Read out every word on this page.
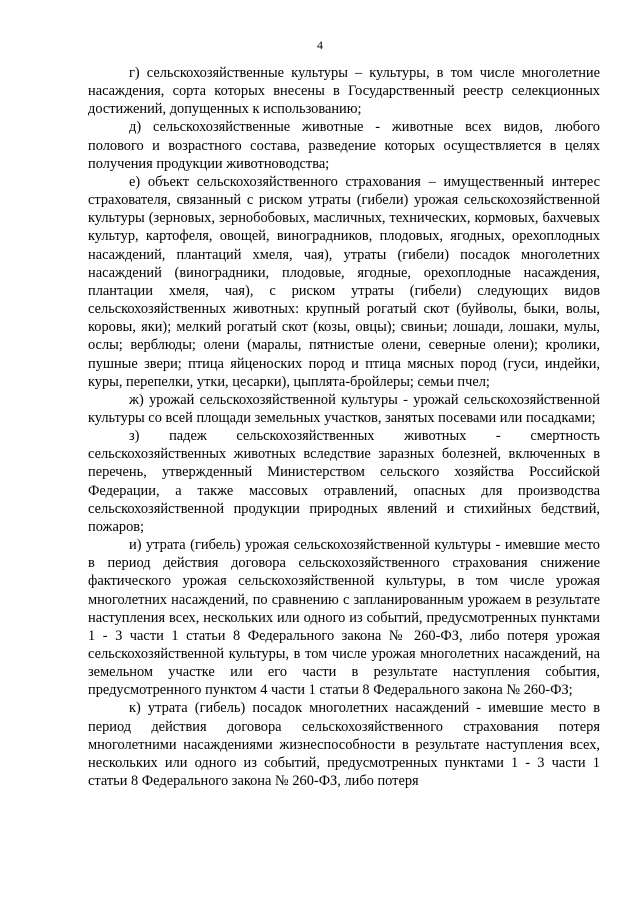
4

г) сельскохозяйственные культуры – культуры, в том числе многолетние насаждения, сорта которых внесены в Государственный реестр селекционных достижений, допущенных к использованию;

д) сельскохозяйственные животные - животные всех видов, любого полового и возрастного состава, разведение которых осуществляется в целях получения продукции животноводства;

е) объект сельскохозяйственного страхования – имущественный интерес страхователя, связанный с риском утраты (гибели) урожая сельскохозяйственной культуры (зерновых, зернобобовых, масличных, технических, кормовых, бахчевых культур, картофеля, овощей, виноградников, плодовых, ягодных, орехоплодных насаждений, плантаций хмеля, чая), утраты (гибели) посадок многолетних насаждений (виноградники, плодовые, ягодные, орехоплодные насаждения, плантации хмеля, чая), с риском утраты (гибели) следующих видов сельскохозяйственных животных: крупный рогатый скот (буйволы, быки, волы, коровы, яки); мелкий рогатый скот (козы, овцы); свиньи; лошади, лошаки, мулы, ослы; верблюды; олени (маралы, пятнистые олени, северные олени); кролики, пушные звери; птица яйценоских пород и птица мясных пород (гуси, индейки, куры, перепелки, утки, цесарки), цыплята-бройлеры; семьи пчел;

ж) урожай сельскохозяйственной культуры - урожай сельскохозяйственной культуры со всей площади земельных участков, занятых посевами или посадками;

з) падеж сельскохозяйственных животных - смертность сельскохозяйственных животных вследствие заразных болезней, включенных в перечень, утвержденный Министерством сельского хозяйства Российской Федерации, а также массовых отравлений, опасных для производства сельскохозяйственной продукции природных явлений и стихийных бедствий, пожаров;

и) утрата (гибель) урожая сельскохозяйственной культуры - имевшие место в период действия договора сельскохозяйственного страхования снижение фактического урожая сельскохозяйственной культуры, в том числе урожая многолетних насаждений, по сравнению с запланированным урожаем в результате наступления всех, нескольких или одного из событий, предусмотренных пунктами 1 - 3 части 1 статьи 8 Федерального закона № 260-ФЗ, либо потеря урожая сельскохозяйственной культуры, в том числе урожая многолетних насаждений, на земельном участке или его части в результате наступления события, предусмотренного пунктом 4 части 1 статьи 8 Федерального закона № 260-ФЗ;

к) утрата (гибель) посадок многолетних насаждений - имевшие место в период действия договора сельскохозяйственного страхования потеря многолетними насаждениями жизнеспособности в результате наступления всех, нескольких или одного из событий, предусмотренных пунктами 1 - 3 части 1 статьи 8 Федерального закона № 260-ФЗ, либо потеря
